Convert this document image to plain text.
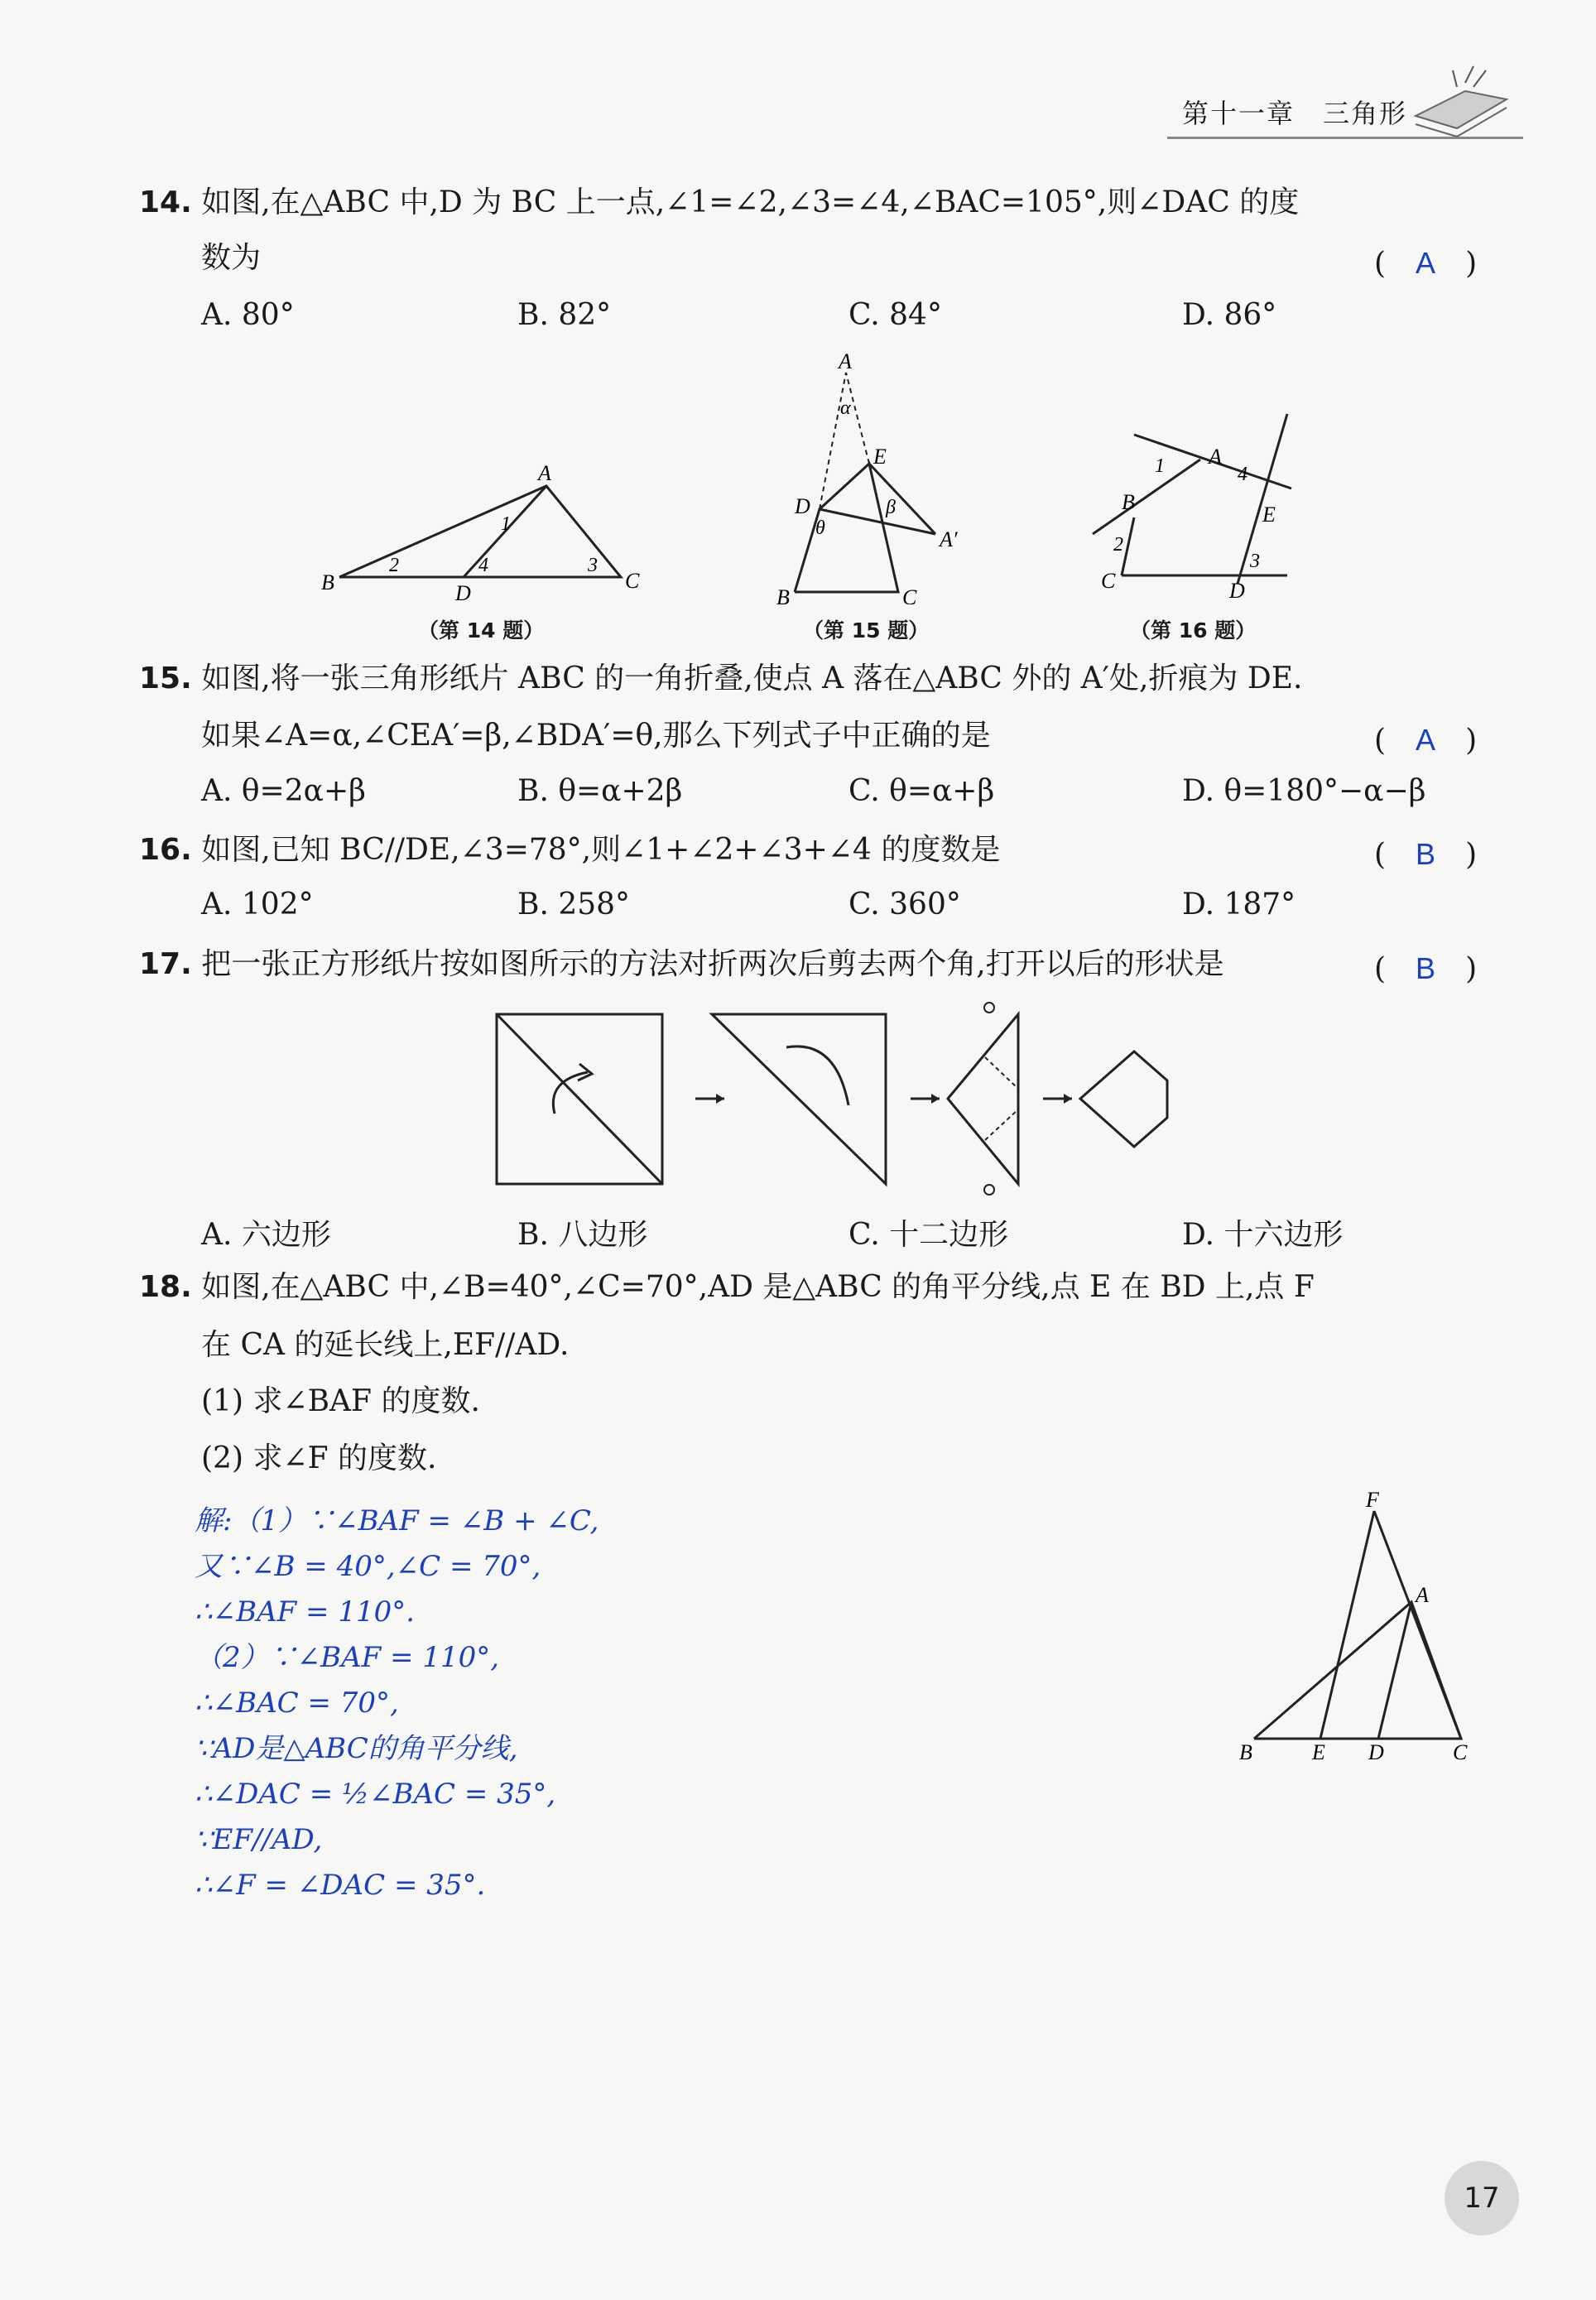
第十一章　三角形
14. 如图,在△ABC 中,D 为 BC 上一点,∠1=∠2,∠3=∠4,∠BAC=105°,则∠DAC 的度
数为	(　A　)
A. 80°	B. 82°	C. 84°	D. 86°
A
B	D
C
1
2	4	3
（第 14 题）
A
α
E
D
θ
β
A′
B	C
（第 15 题）
A
B
E
C	D
1	4
2
3
（第 16 题）
15. 如图,将一张三角形纸片 ABC 的一角折叠,使点 A 落在△ABC 外的 A′处,折痕为 DE.
如果∠A=α,∠CEA′=β,∠BDA′=θ,那么下列式子中正确的是	(　A　)
A. θ=2α+β	B. θ=α+2β	C. θ=α+β	D. θ=180°−α−β
16. 如图,已知 BC//DE,∠3=78°,则∠1+∠2+∠3+∠4 的度数是	(　B　)
A. 102°	B. 258°	C. 360°	D. 187°
17. 把一张正方形纸片按如图所示的方法对折两次后剪去两个角,打开以后的形状是	(　B　)
A. 六边形	B. 八边形	C. 十二边形	D. 十六边形
18. 如图,在△ABC 中,∠B=40°,∠C=70°,AD 是△ABC 的角平分线,点 E 在 BD 上,点 F
在 CA 的延长线上,EF//AD.
(1) 求∠BAF 的度数.
(2) 求∠F 的度数.
解:（1）∵∠BAF = ∠B + ∠C,
又∵∠B = 40°,∠C = 70°,
∴∠BAF = 110°.
（2）∵∠BAF = 110°,
∴∠BAC = 70°,
∵AD是△ABC的角平分线,
∴∠DAC = ½∠BAC = 35°,
∵EF//AD,
∴∠F = ∠DAC = 35°.
F
A
B	E D	C
17
